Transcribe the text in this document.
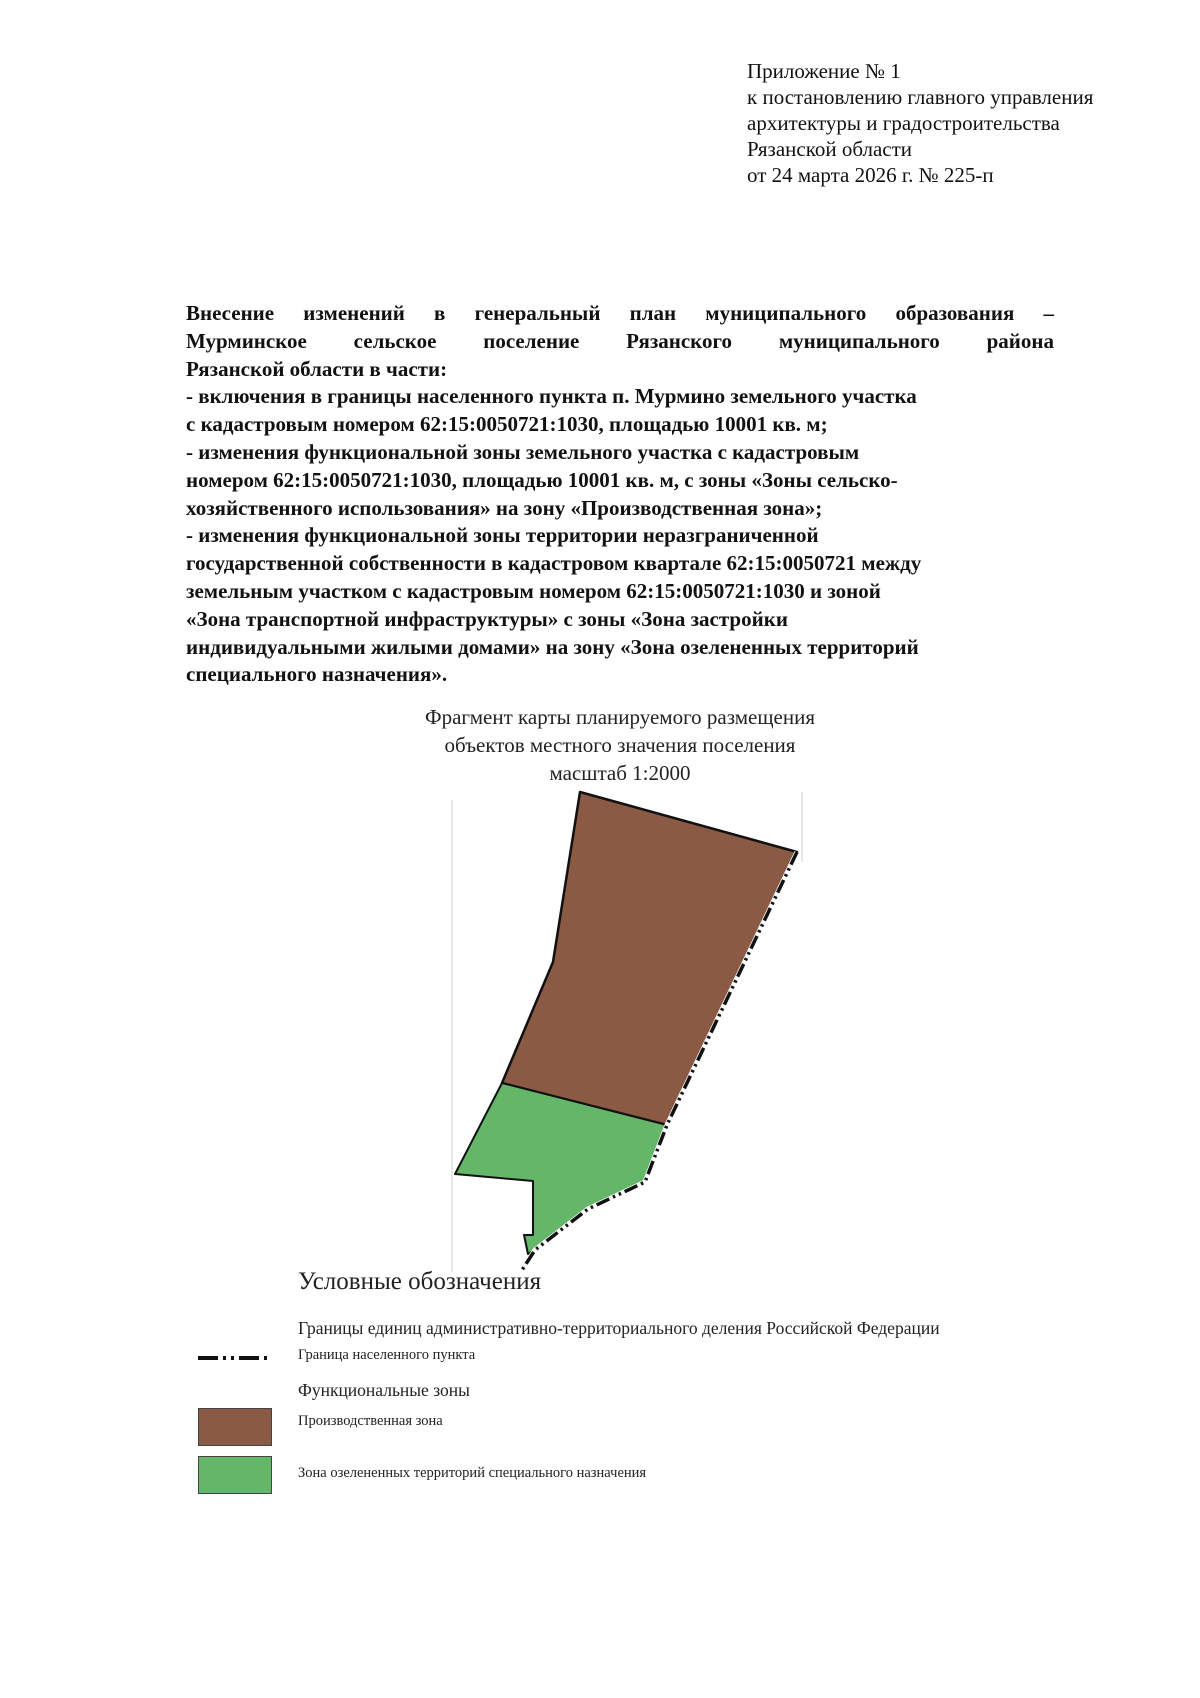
Приложение № 1
к постановлению главного управления
архитектуры и градостроительства
Рязанской области
от 24 марта 2026 г. № 225-п
Внесение изменений в генеральный план муниципального образования –
Мурминское сельское поселение Рязанского муниципального района
Рязанской области в части:
- включения в границы населенного пункта п. Мурмино земельного участка
с кадастровым номером 62:15:0050721:1030, площадью 10001 кв. м;
- изменения функциональной зоны земельного участка с кадастровым
номером 62:15:0050721:1030, площадью 10001 кв. м, с зоны «Зоны сельско-
хозяйственного использования» на зону «Производственная зона»;
- изменения функциональной зоны территории неразграниченной
государственной собственности в кадастровом квартале 62:15:0050721 между
земельным участком с кадастровым номером 62:15:0050721:1030 и зоной
«Зона транспортной инфраструктуры» с зоны «Зона застройки
индивидуальными жилыми домами» на зону «Зона озелененных территорий
специального назначения».
Фрагмент карты планируемого размещения
объектов местного значения поселения
масштаб 1:2000
Условные обозначения
Границы единиц административно-территориального деления Российской Федерации
Граница населенного пункта
Функциональные зоны
Производственная зона
Зона озелененных территорий специального назначения
